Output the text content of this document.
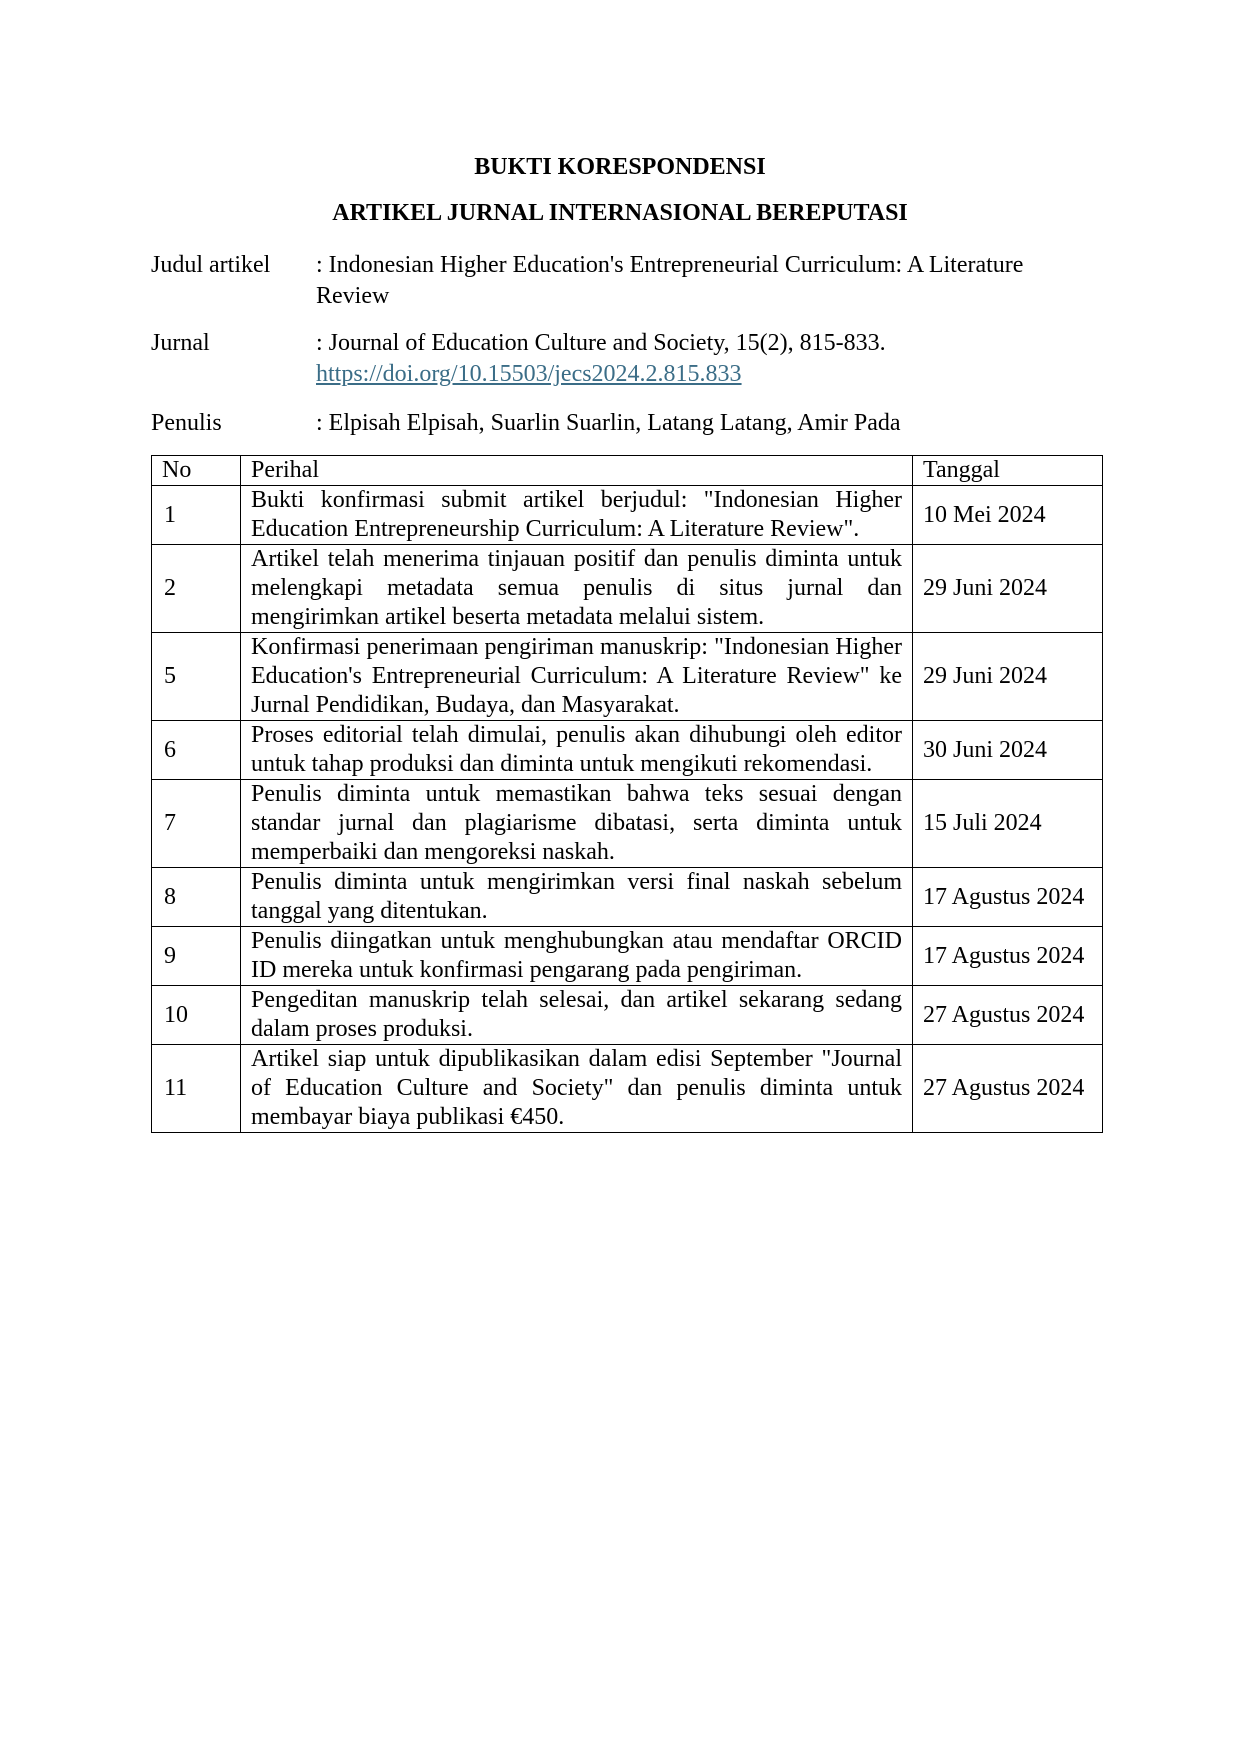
BUKTI KORESPONDENSI
ARTIKEL JURNAL INTERNASIONAL BEREPUTASI
Judul artikel : Indonesian Higher Education's Entrepreneurial Curriculum: A Literature Review
Jurnal	: Journal of Education Culture and Society, 15(2), 815-833.
https://doi.org/10.15503/jecs2024.2.815.833
Penulis	: Elpisah Elpisah, Suarlin Suarlin, Latang Latang, Amir Pada
No	Perihal	Tanggal
1	Bukti konfirmasi submit artikel berjudul: "Indonesian Higher Education Entrepreneurship Curriculum: A Literature Review".	10 Mei 2024
2	Artikel telah menerima tinjauan positif dan penulis diminta untuk melengkapi metadata semua penulis di situs jurnal dan mengirimkan artikel beserta metadata melalui sistem.	29 Juni 2024
5	Konfirmasi penerimaan pengiriman manuskrip: "Indonesian Higher Education's Entrepreneurial Curriculum: A Literature Review" ke Jurnal Pendidikan, Budaya, dan Masyarakat.	29 Juni 2024
6	Proses editorial telah dimulai, penulis akan dihubungi oleh editor untuk tahap produksi dan diminta untuk mengikuti rekomendasi.	30 Juni 2024
7	Penulis diminta untuk memastikan bahwa teks sesuai dengan standar jurnal dan plagiarisme dibatasi, serta diminta untuk memperbaiki dan mengoreksi naskah.	15 Juli 2024
8	Penulis diminta untuk mengirimkan versi final naskah sebelum tanggal yang ditentukan.	17 Agustus 2024
9	Penulis diingatkan untuk menghubungkan atau mendaftar ORCID ID mereka untuk konfirmasi pengarang pada pengiriman.	17 Agustus 2024
10	Pengeditan manuskrip telah selesai, dan artikel sekarang sedang dalam proses produksi.	27 Agustus 2024
11	Artikel siap untuk dipublikasikan dalam edisi September "Journal of Education Culture and Society" dan penulis diminta untuk membayar biaya publikasi €450.	27 Agustus 2024
